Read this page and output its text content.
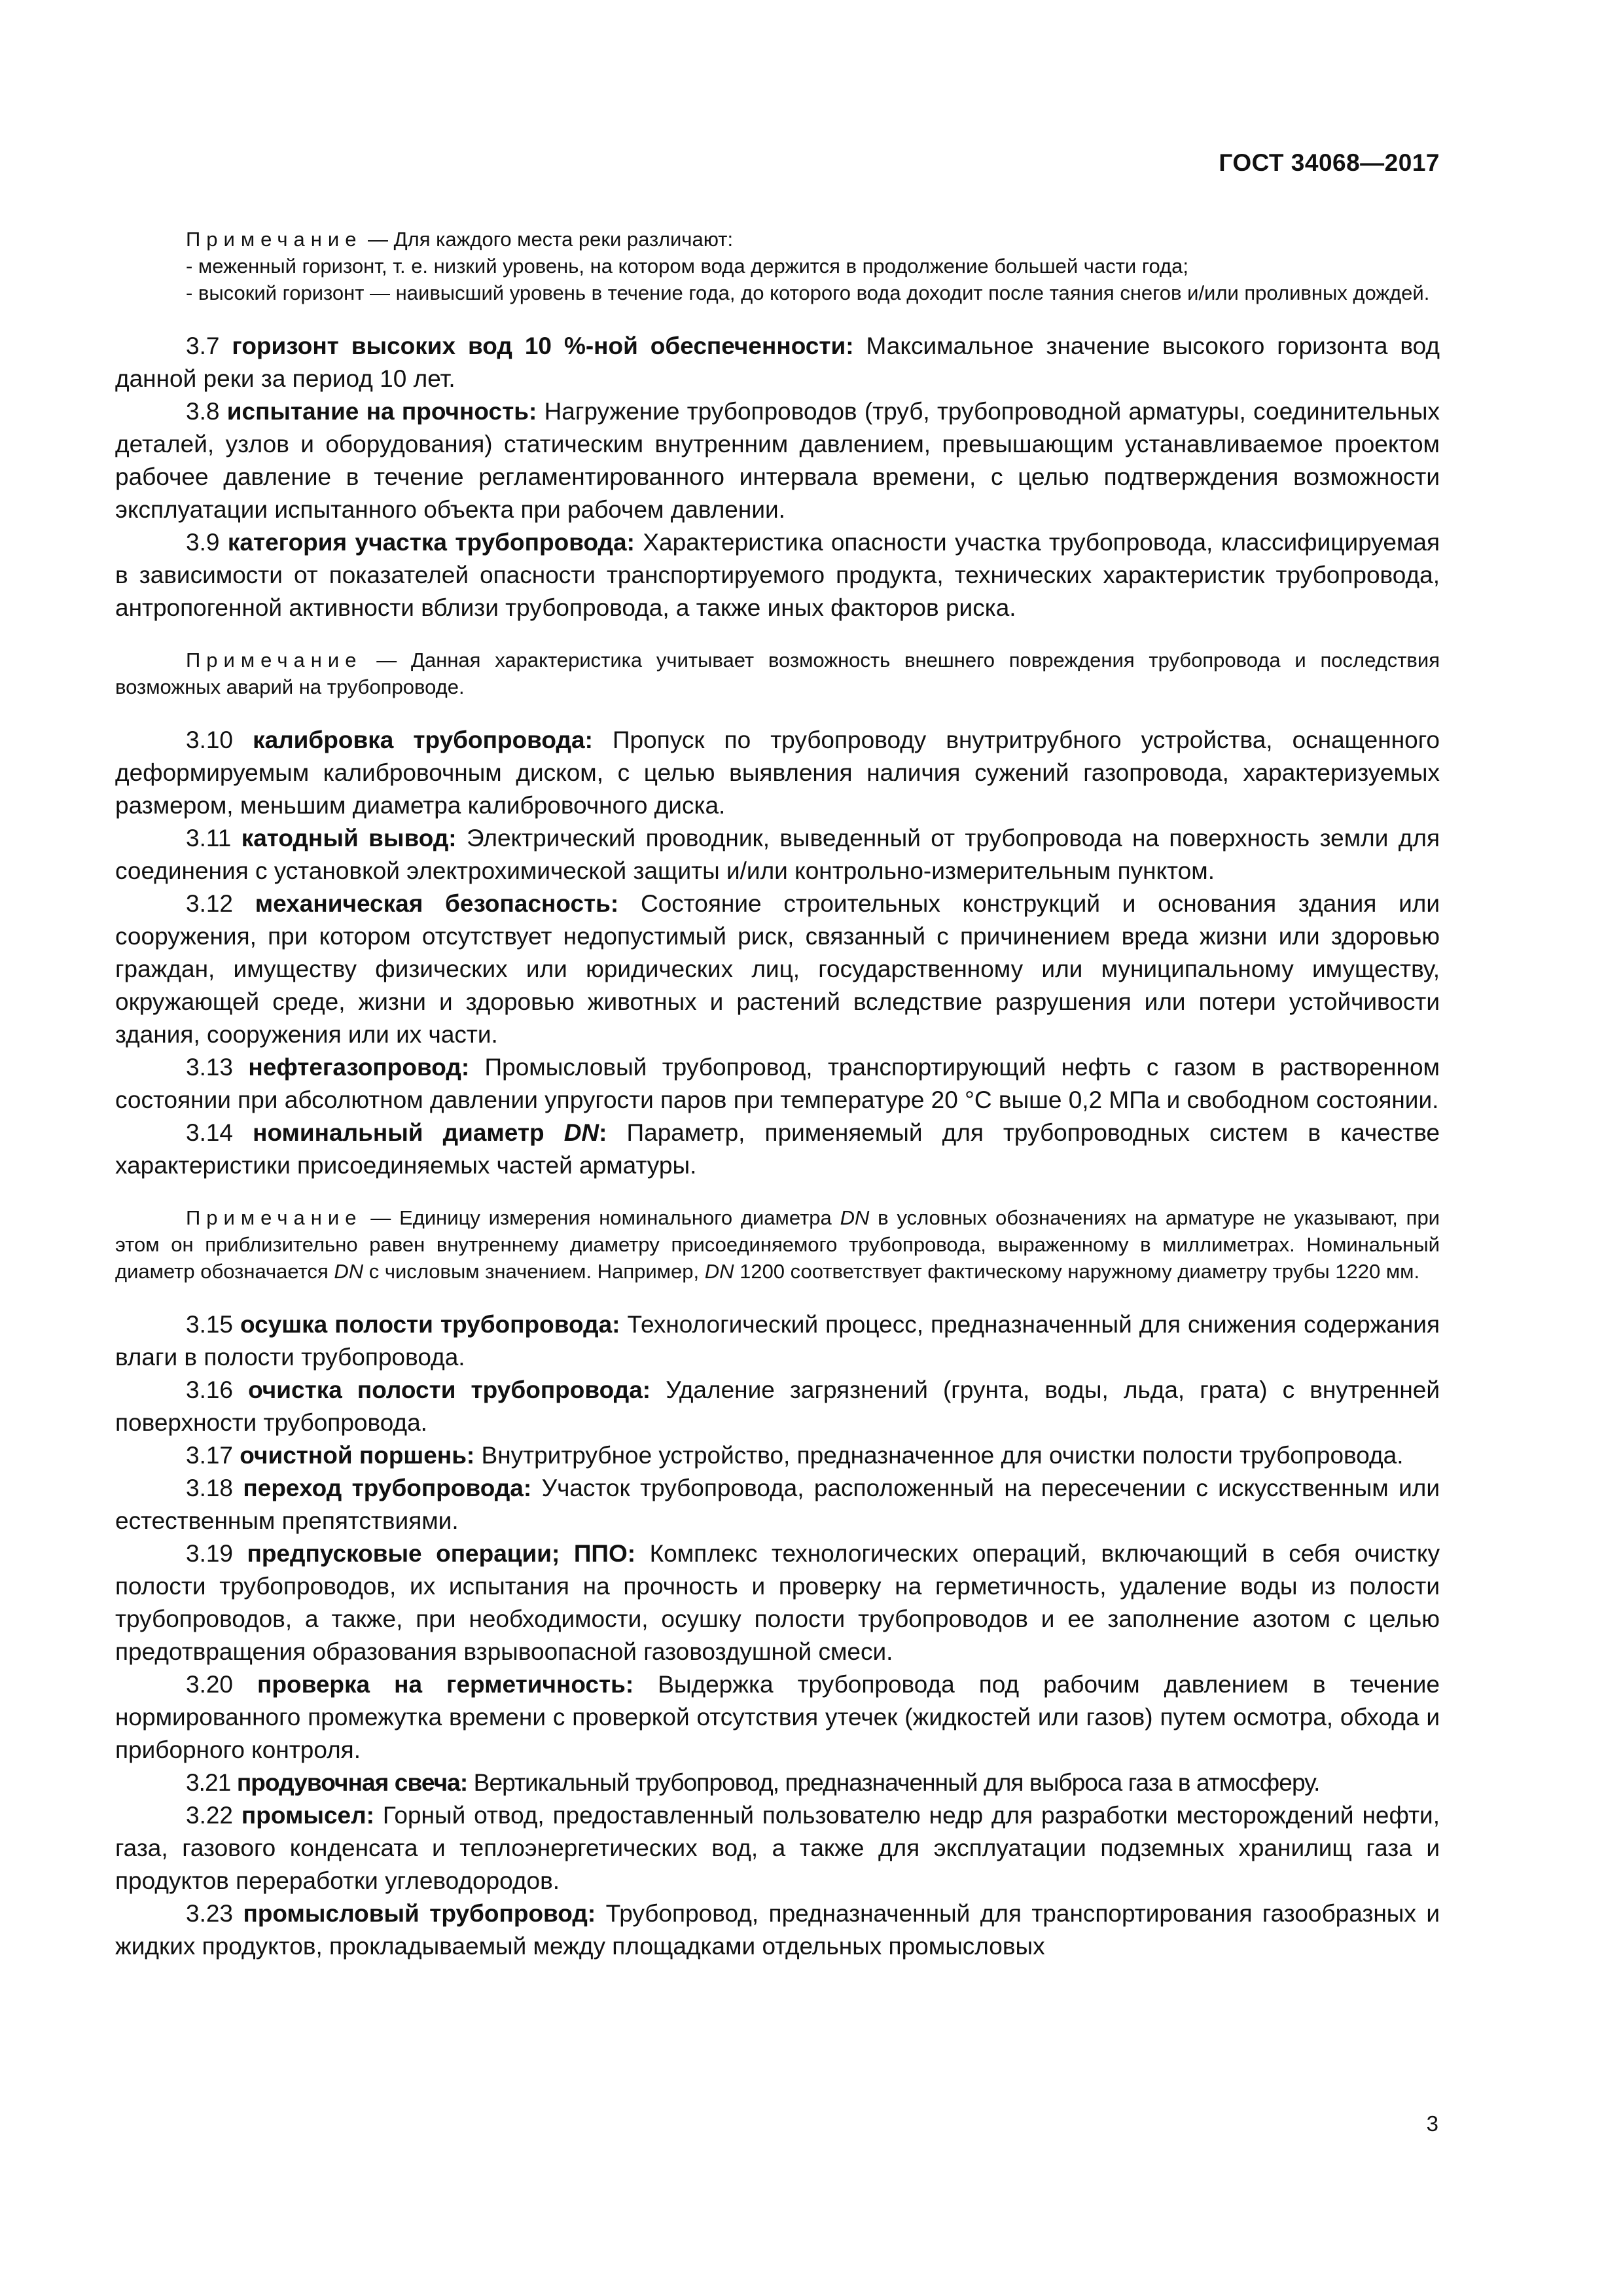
ГОСТ 34068—2017

Примечание — Для каждого места реки различают:

- меженный горизонт, т. е. низкий уровень, на котором вода держится в продолжение большей части года;

- высокий горизонт — наивысший уровень в течение года, до которого вода доходит после таяния снегов и/или проливных дождей.

3.7 горизонт высоких вод 10 %-ной обеспеченности: Максимальное значение высокого горизонта вод данной реки за период 10 лет.

3.8 испытание на прочность: Нагружение трубопроводов (труб, трубопроводной арматуры, соединительных деталей, узлов и оборудования) статическим внутренним давлением, превышающим устанавливаемое проектом рабочее давление в течение регламентированного интервала времени, с целью подтверждения возможности эксплуатации испытанного объекта при рабочем давлении.

3.9 категория участка трубопровода: Характеристика опасности участка трубопровода, классифицируемая в зависимости от показателей опасности транспортируемого продукта, технических характеристик трубопровода, антропогенной активности вблизи трубопровода, а также иных факторов риска.

Примечание — Данная характеристика учитывает возможность внешнего повреждения трубопровода и последствия возможных аварий на трубопроводе.

3.10 калибровка трубопровода: Пропуск по трубопроводу внутритрубного устройства, оснащенного деформируемым калибровочным диском, с целью выявления наличия сужений газопровода, характеризуемых размером, меньшим диаметра калибровочного диска.

3.11 катодный вывод: Электрический проводник, выведенный от трубопровода на поверхность земли для соединения с установкой электрохимической защиты и/или контрольно-измерительным пунктом.

3.12 механическая безопасность: Состояние строительных конструкций и основания здания или сооружения, при котором отсутствует недопустимый риск, связанный с причинением вреда жизни или здоровью граждан, имуществу физических или юридических лиц, государственному или муниципальному имуществу, окружающей среде, жизни и здоровью животных и растений вследствие разрушения или потери устойчивости здания, сооружения или их части.

3.13 нефтегазопровод: Промысловый трубопровод, транспортирующий нефть с газом в растворенном состоянии при абсолютном давлении упругости паров при температуре 20 °С выше 0,2 МПа и свободном состоянии.

3.14 номинальный диаметр DN: Параметр, применяемый для трубопроводных систем в качестве характеристики присоединяемых частей арматуры.

Примечание — Единицу измерения номинального диаметра DN в условных обозначениях на арматуре не указывают, при этом он приблизительно равен внутреннему диаметру присоединяемого трубопровода, выраженному в миллиметрах. Номинальный диаметр обозначается DN с числовым значением. Например, DN 1200 соответствует фактическому наружному диаметру трубы 1220 мм.

3.15 осушка полости трубопровода: Технологический процесс, предназначенный для снижения содержания влаги в полости трубопровода.

3.16 очистка полости трубопровода: Удаление загрязнений (грунта, воды, льда, грата) с внутренней поверхности трубопровода.

3.17 очистной поршень: Внутритрубное устройство, предназначенное для очистки полости трубопровода.

3.18 переход трубопровода: Участок трубопровода, расположенный на пересечении с искусственным или естественным препятствиями.

3.19 предпусковые операции; ППО: Комплекс технологических операций, включающий в себя очистку полости трубопроводов, их испытания на прочность и проверку на герметичность, удаление воды из полости трубопроводов, а также, при необходимости, осушку полости трубопроводов и ее заполнение азотом с целью предотвращения образования взрывоопасной газовоздушной смеси.

3.20 проверка на герметичность: Выдержка трубопровода под рабочим давлением в течение нормированного промежутка времени с проверкой отсутствия утечек (жидкостей или газов) путем осмотра, обхода и приборного контроля.

3.21 продувочная свеча: Вертикальный трубопровод, предназначенный для выброса газа в атмосферу.

3.22 промысел: Горный отвод, предоставленный пользователю недр для разработки месторождений нефти, газа, газового конденсата и теплоэнергетических вод, а также для эксплуатации подземных хранилищ газа и продуктов переработки углеводородов.

3.23 промысловый трубопровод: Трубопровод, предназначенный для транспортирования газообразных и жидких продуктов, прокладываемый между площадками отдельных промысловых

3
